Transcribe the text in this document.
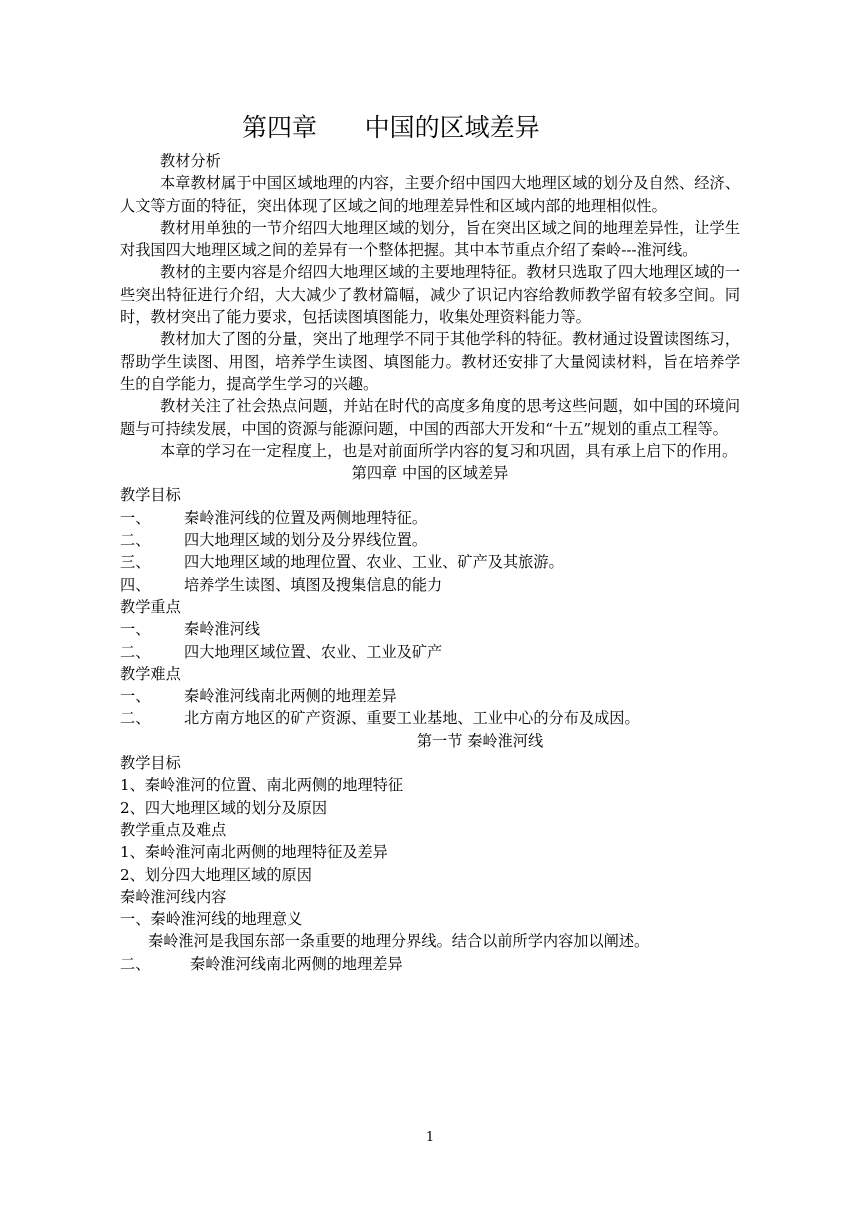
第四章      中国的区域差异

教材分析

本章教材属于中国区域地理的内容，主要介绍中国四大地理区域的划分及自然、经济、人文等方面的特征，突出体现了区域之间的地理差异性和区域内部的地理相似性。

教材用单独的一节介绍四大地理区域的划分，旨在突出区域之间的地理差异性，让学生对我国四大地理区域之间的差异有一个整体把握。其中本节重点介绍了秦岭---淮河线。

教材的主要内容是介绍四大地理区域的主要地理特征。教材只选取了四大地理区域的一些突出特征进行介绍，大大减少了教材篇幅，减少了识记内容给教师教学留有较多空间。同时，教材突出了能力要求，包括读图填图能力，收集处理资料能力等。

教材加大了图的分量，突出了地理学不同于其他学科的特征。教材通过设置读图练习，帮助学生读图、用图，培养学生读图、填图能力。教材还安排了大量阅读材料，旨在培养学生的自学能力，提高学生学习的兴趣。

教材关注了社会热点问题，并站在时代的高度多角度的思考这些问题，如中国的环境问题与可持续发展，中国的资源与能源问题，中国的西部大开发和“十五”规划的重点工程等。

本章的学习在一定程度上，也是对前面所学内容的复习和巩固，具有承上启下的作用。

第四章 中国的区域差异

教学目标

一、	秦岭淮河线的位置及两侧地理特征。
二、	四大地理区域的划分及分界线位置。
三、	四大地理区域的地理位置、农业、工业、矿产及其旅游。
四、	培养学生读图、填图及搜集信息的能力

教学重点

一、	秦岭淮河线
二、	四大地理区域位置、农业、工业及矿产

教学难点

一、	秦岭淮河线南北两侧的地理差异
二、	北方南方地区的矿产资源、重要工业基地、工业中心的分布及成因。

第一节 秦岭淮河线

教学目标

1、秦岭淮河的位置、南北两侧的地理特征

2、四大地理区域的划分及原因

教学重点及难点

1、秦岭淮河南北两侧的地理特征及差异

2、划分四大地理区域的原因

秦岭淮河线内容

一、秦岭淮河线的地理意义

秦岭淮河是我国东部一条重要的地理分界线。结合以前所学内容加以阐述。

二、	秦岭淮河线南北两侧的地理差异
1
